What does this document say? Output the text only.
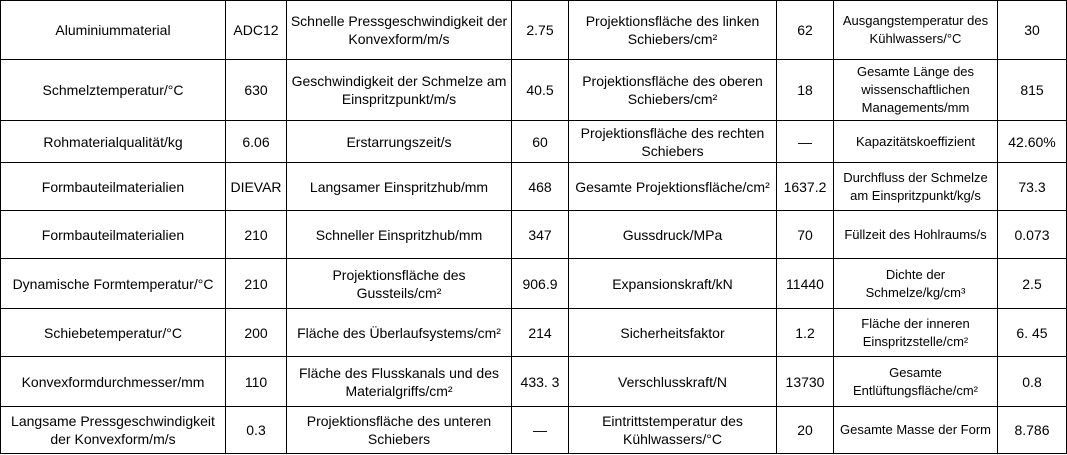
Aluminiummaterial	ADC12	Schnelle Pressgeschwindigkeit der Konvexform/m/s	2.75	Projektionsfläche des linken Schiebers/cm²	62	Ausgangstemperatur des Kühlwassers/°C	30
Schmelztemperatur/°C	630	Geschwindigkeit der Schmelze am Einspritzpunkt/m/s	40.5	Projektionsfläche des oberen Schiebers/cm²	18	Gesamte Länge des wissenschaftlichen Managements/mm	815
Rohmaterialqualität/kg	6.06	Erstarrungszeit/s	60	Projektionsfläche des rechten Schiebers	—	Kapazitätskoeffizient	42.60%
Formbauteilmaterialien	DIEVAR	Langsamer Einspritzhub/mm	468	Gesamte Projektionsfläche/cm²	1637.2	Durchfluss der Schmelze am Einspritzpunkt/kg/s	73.3
Formbauteilmaterialien	210	Schneller Einspritzhub/mm	347	Gussdruck/MPa	70	Füllzeit des Hohlraums/s	0.073
Dynamische Formtemperatur/°C	210	Projektionsfläche des Gussteils/cm²	906.9	Expansionskraft/kN	11440	Dichte der Schmelze/kg/cm³	2.5
Schiebetemperatur/°C	200	Fläche des Überlaufsystems/cm²	214	Sicherheitsfaktor	1.2	Fläche der inneren Einspritzstelle/cm²	6. 45
Konvexformdurchmesser/mm	110	Fläche des Flusskanals und des Materialgriffs/cm²	433. 3	Verschlusskraft/N	13730	Gesamte Entlüftungsfläche/cm²	0.8
Langsame Pressgeschwindigkeit der Konvexform/m/s	0.3	Projektionsfläche des unteren Schiebers	—	Eintrittstemperatur des Kühlwassers/°C	20	Gesamte Masse der Form	8.786
